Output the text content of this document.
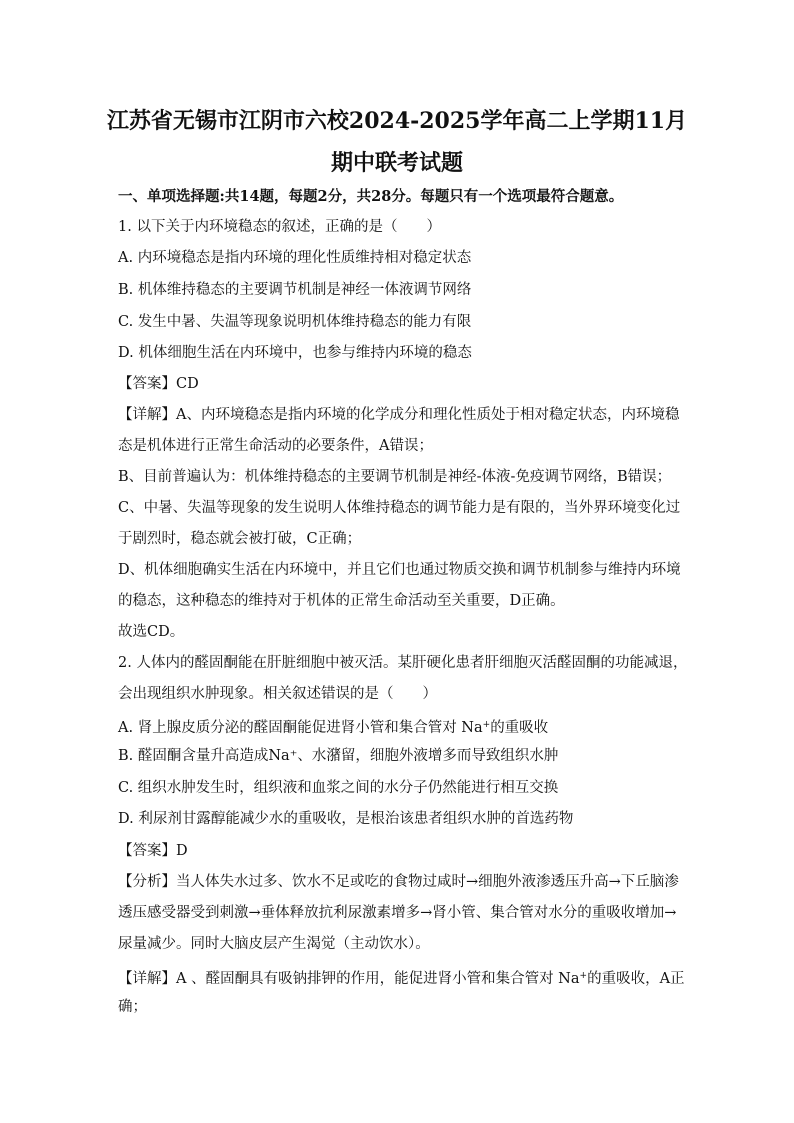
江苏省无锡市江阴市六校2024-2025学年高二上学期11月
期中联考试题
一、单项选择题:共14题，每题2分，共28分。每题只有一个选项最符合题意。
1. 以下关于内环境稳态的叙述，正确的是（　　）
A. 内环境稳态是指内环境的理化性质维持相对稳定状态
B. 机体维持稳态的主要调节机制是神经一体液调节网络
C. 发生中暑、失温等现象说明机体维持稳态的能力有限
D. 机体细胞生活在内环境中，也参与维持内环境的稳态
【答案】CD
【详解】A、内环境稳态是指内环境的化学成分和理化性质处于相对稳定状态，内环境稳
态是机体进行正常生命活动的必要条件，A错误；
B、目前普遍认为：机体维持稳态的主要调节机制是神经-体液-免疫调节网络，B错误；
C、中暑、失温等现象的发生说明人体维持稳态的调节能力是有限的，当外界环境变化过
于剧烈时，稳态就会被打破，C正确；
D、机体细胞确实生活在内环境中，并且它们也通过物质交换和调节机制参与维持内环境
的稳态，这种稳态的维持对于机体的正常生命活动至关重要，D正确。
故选CD。
2. 人体内的醛固酮能在肝脏细胞中被灭活。某肝硬化患者肝细胞灭活醛固酮的功能减退，
会出现组织水肿现象。相关叙述错误的是（　　）
A. 肾上腺皮质分泌的醛固酮能促进肾小管和集合管对 Na+的重吸收
B. 醛固酮含量升高造成Na⁺、水潴留，细胞外液增多而导致组织水肿
C. 组织水肿发生时，组织液和血浆之间的水分子仍然能进行相互交换
D. 利尿剂甘露醇能减少水的重吸收，是根治该患者组织水肿的首选药物
【答案】D
【分析】当人体失水过多、饮水不足或吃的食物过咸时→细胞外液渗透压升高→下丘脑渗
透压感受器受到刺激→垂体释放抗利尿激素增多→肾小管、集合管对水分的重吸收增加→
尿量减少。同时大脑皮层产生渴觉（主动饮水）。
【详解】A 、醛固酮具有吸钠排钾的作用，能促进肾小管和集合管对 Na+的重吸收，A正
确；
